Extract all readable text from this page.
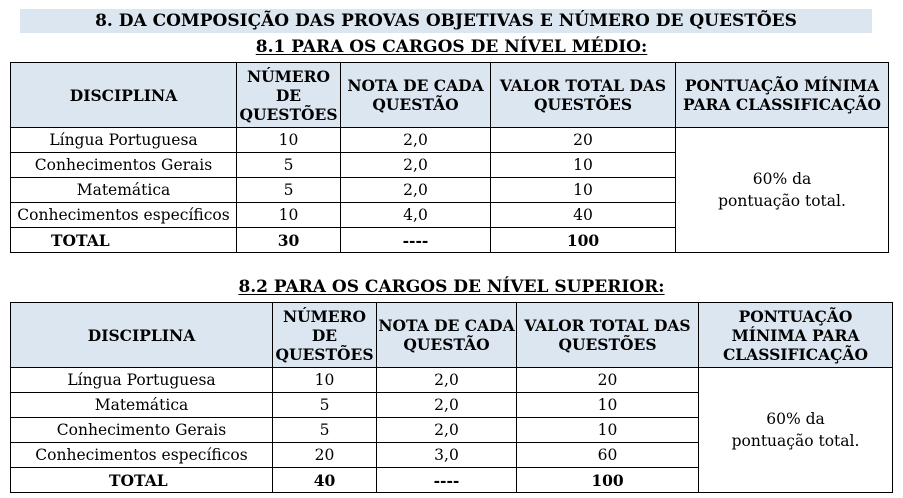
8. DA COMPOSIÇÃO DAS PROVAS OBJETIVAS E NÚMERO DE QUESTÕES
8.1 PARA OS CARGOS DE NÍVEL MÉDIO:
DISCIPLINA	NÚMERO DE QUESTÕES	NOTA DE CADA QUESTÃO	VALOR TOTAL DAS QUESTÕES	PONTUAÇÃO MÍNIMA PARA CLASSIFICAÇÃO
Língua Portuguesa	10	2,0	20	60% da pontuação total.
Conhecimentos Gerais	5	2,0	10	
Matemática	5	2,0	10	
Conhecimentos específicos	10	4,0	40	
TOTAL	30	----	100	
8.2 PARA OS CARGOS DE NÍVEL SUPERIOR:
DISCIPLINA	NÚMERO DE QUESTÕES	NOTA DE CADA QUESTÃO	VALOR TOTAL DAS QUESTÕES	PONTUAÇÃO MÍNIMA PARA CLASSIFICAÇÃO
Língua Portuguesa	10	2,0	20	60% da pontuação total.
Matemática	5	2,0	10	
Conhecimento Gerais	5	2,0	10	
Conhecimentos específicos	20	3,0	60	
TOTAL	40	----	100	
